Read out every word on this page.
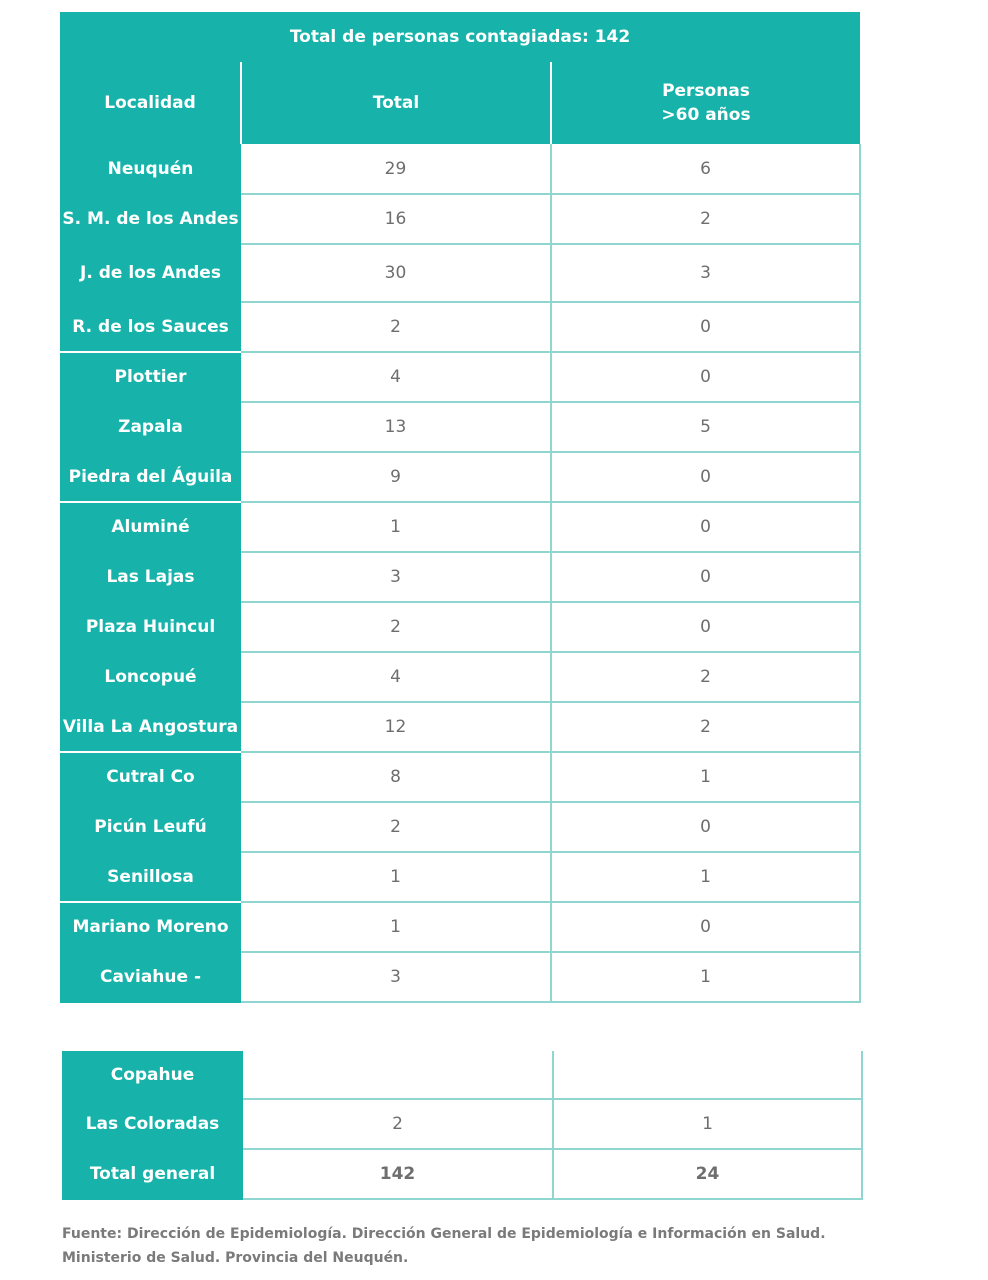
Total de personas contagiadas: 142		
Localidad	Total	Personas
>60 años

Neuquén	29	6
S. M. de los Andes	16	2
J. de los Andes	30	3
R. de los Sauces	2	0
Plottier	4	0
Zapala	13	5
Piedra del Águila	9	0
Aluminé	1	0
Las Lajas	3	0
Plaza Huincul	2	0
Loncopué	4	2
Villa La Angostura	12	2
Cutral Co	8	1
Picún Leufú	2	0
Senillosa	1	1
Mariano Moreno	1	0
Caviahue -	3	1
Copahue		
Las Coloradas	2	1
Total general	142	24
Fuente: Dirección de Epidemiología. Dirección General de Epidemiología e Información en Salud. Ministerio de Salud. Provincia del Neuquén.
